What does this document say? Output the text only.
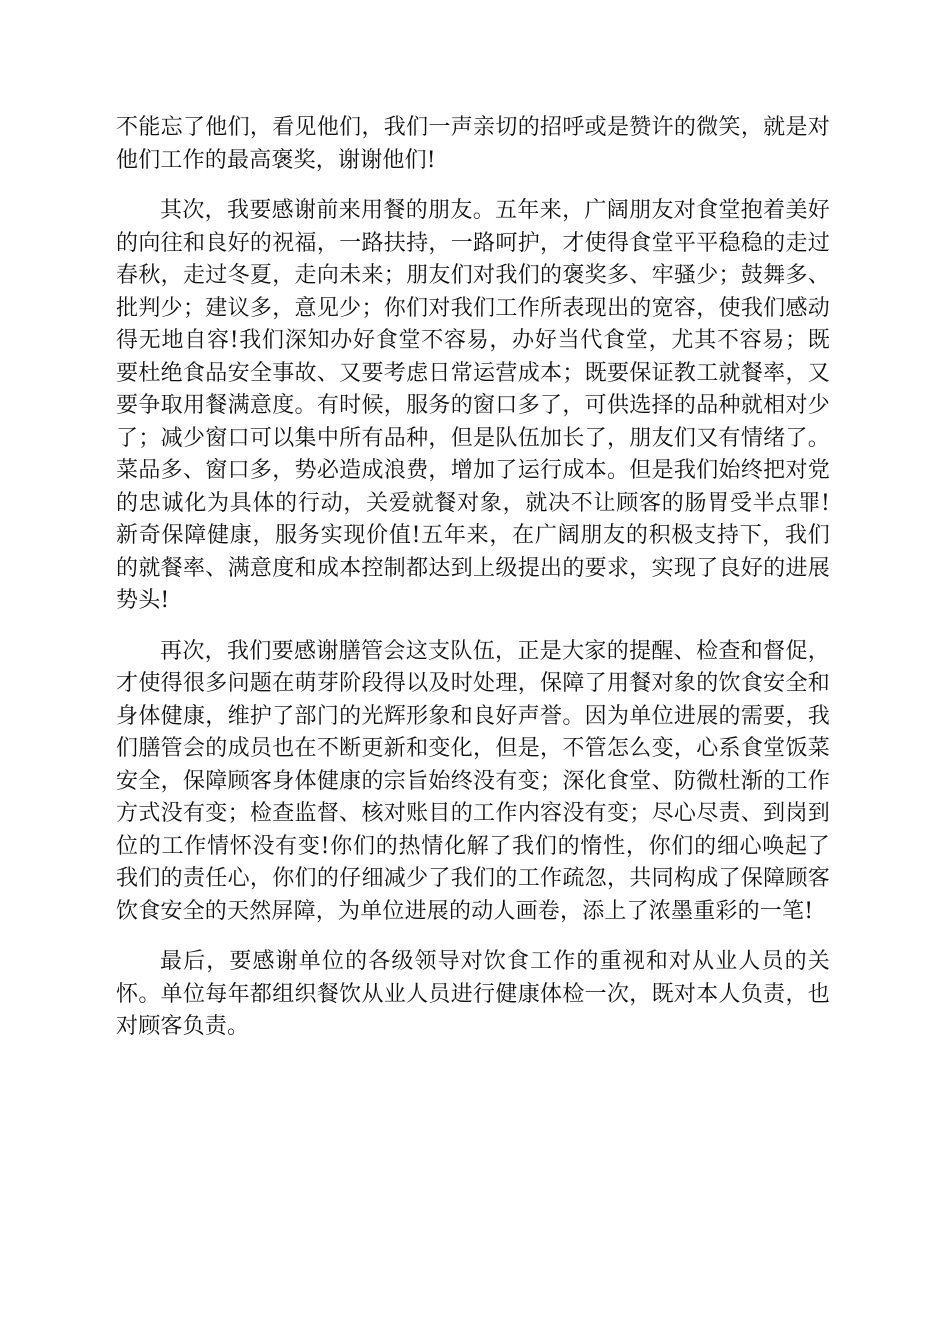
不能忘了他们，看见他们，我们一声亲切的招呼或是赞许的微笑，就是对他们工作的最高褒奖，谢谢他们!

其次，我要感谢前来用餐的朋友。五年来，广阔朋友对食堂抱着美好的向往和良好的祝福，一路扶持，一路呵护，才使得食堂平平稳稳的走过春秋，走过冬夏，走向未来；朋友们对我们的褒奖多、牢骚少；鼓舞多、批判少；建议多，意见少；你们对我们工作所表现出的宽容，使我们感动得无地自容!我们深知办好食堂不容易，办好当代食堂，尤其不容易；既要杜绝食品安全事故、又要考虑日常运营成本；既要保证教工就餐率，又要争取用餐满意度。有时候，服务的窗口多了，可供选择的品种就相对少了；减少窗口可以集中所有品种，但是队伍加长了，朋友们又有情绪了。菜品多、窗口多，势必造成浪费，增加了运行成本。但是我们始终把对党的忠诚化为具体的行动，关爱就餐对象，就决不让顾客的肠胃受半点罪!新奇保障健康，服务实现价值!五年来，在广阔朋友的积极支持下，我们的就餐率、满意度和成本控制都达到上级提出的要求，实现了良好的进展势头!

再次，我们要感谢膳管会这支队伍，正是大家的提醒、检查和督促，才使得很多问题在萌芽阶段得以及时处理，保障了用餐对象的饮食安全和身体健康，维护了部门的光辉形象和良好声誉。因为单位进展的需要，我们膳管会的成员也在不断更新和变化，但是，不管怎么变，心系食堂饭菜安全，保障顾客身体健康的宗旨始终没有变；深化食堂、防微杜渐的工作方式没有变；检查监督、核对账目的工作内容没有变；尽心尽责、到岗到位的工作情怀没有变!你们的热情化解了我们的惰性，你们的细心唤起了我们的责任心，你们的仔细减少了我们的工作疏忽，共同构成了保障顾客饮食安全的天然屏障，为单位进展的动人画卷，添上了浓墨重彩的一笔!

最后，要感谢单位的各级领导对饮食工作的重视和对从业人员的关怀。单位每年都组织餐饮从业人员进行健康体检一次，既对本人负责，也对顾客负责。
